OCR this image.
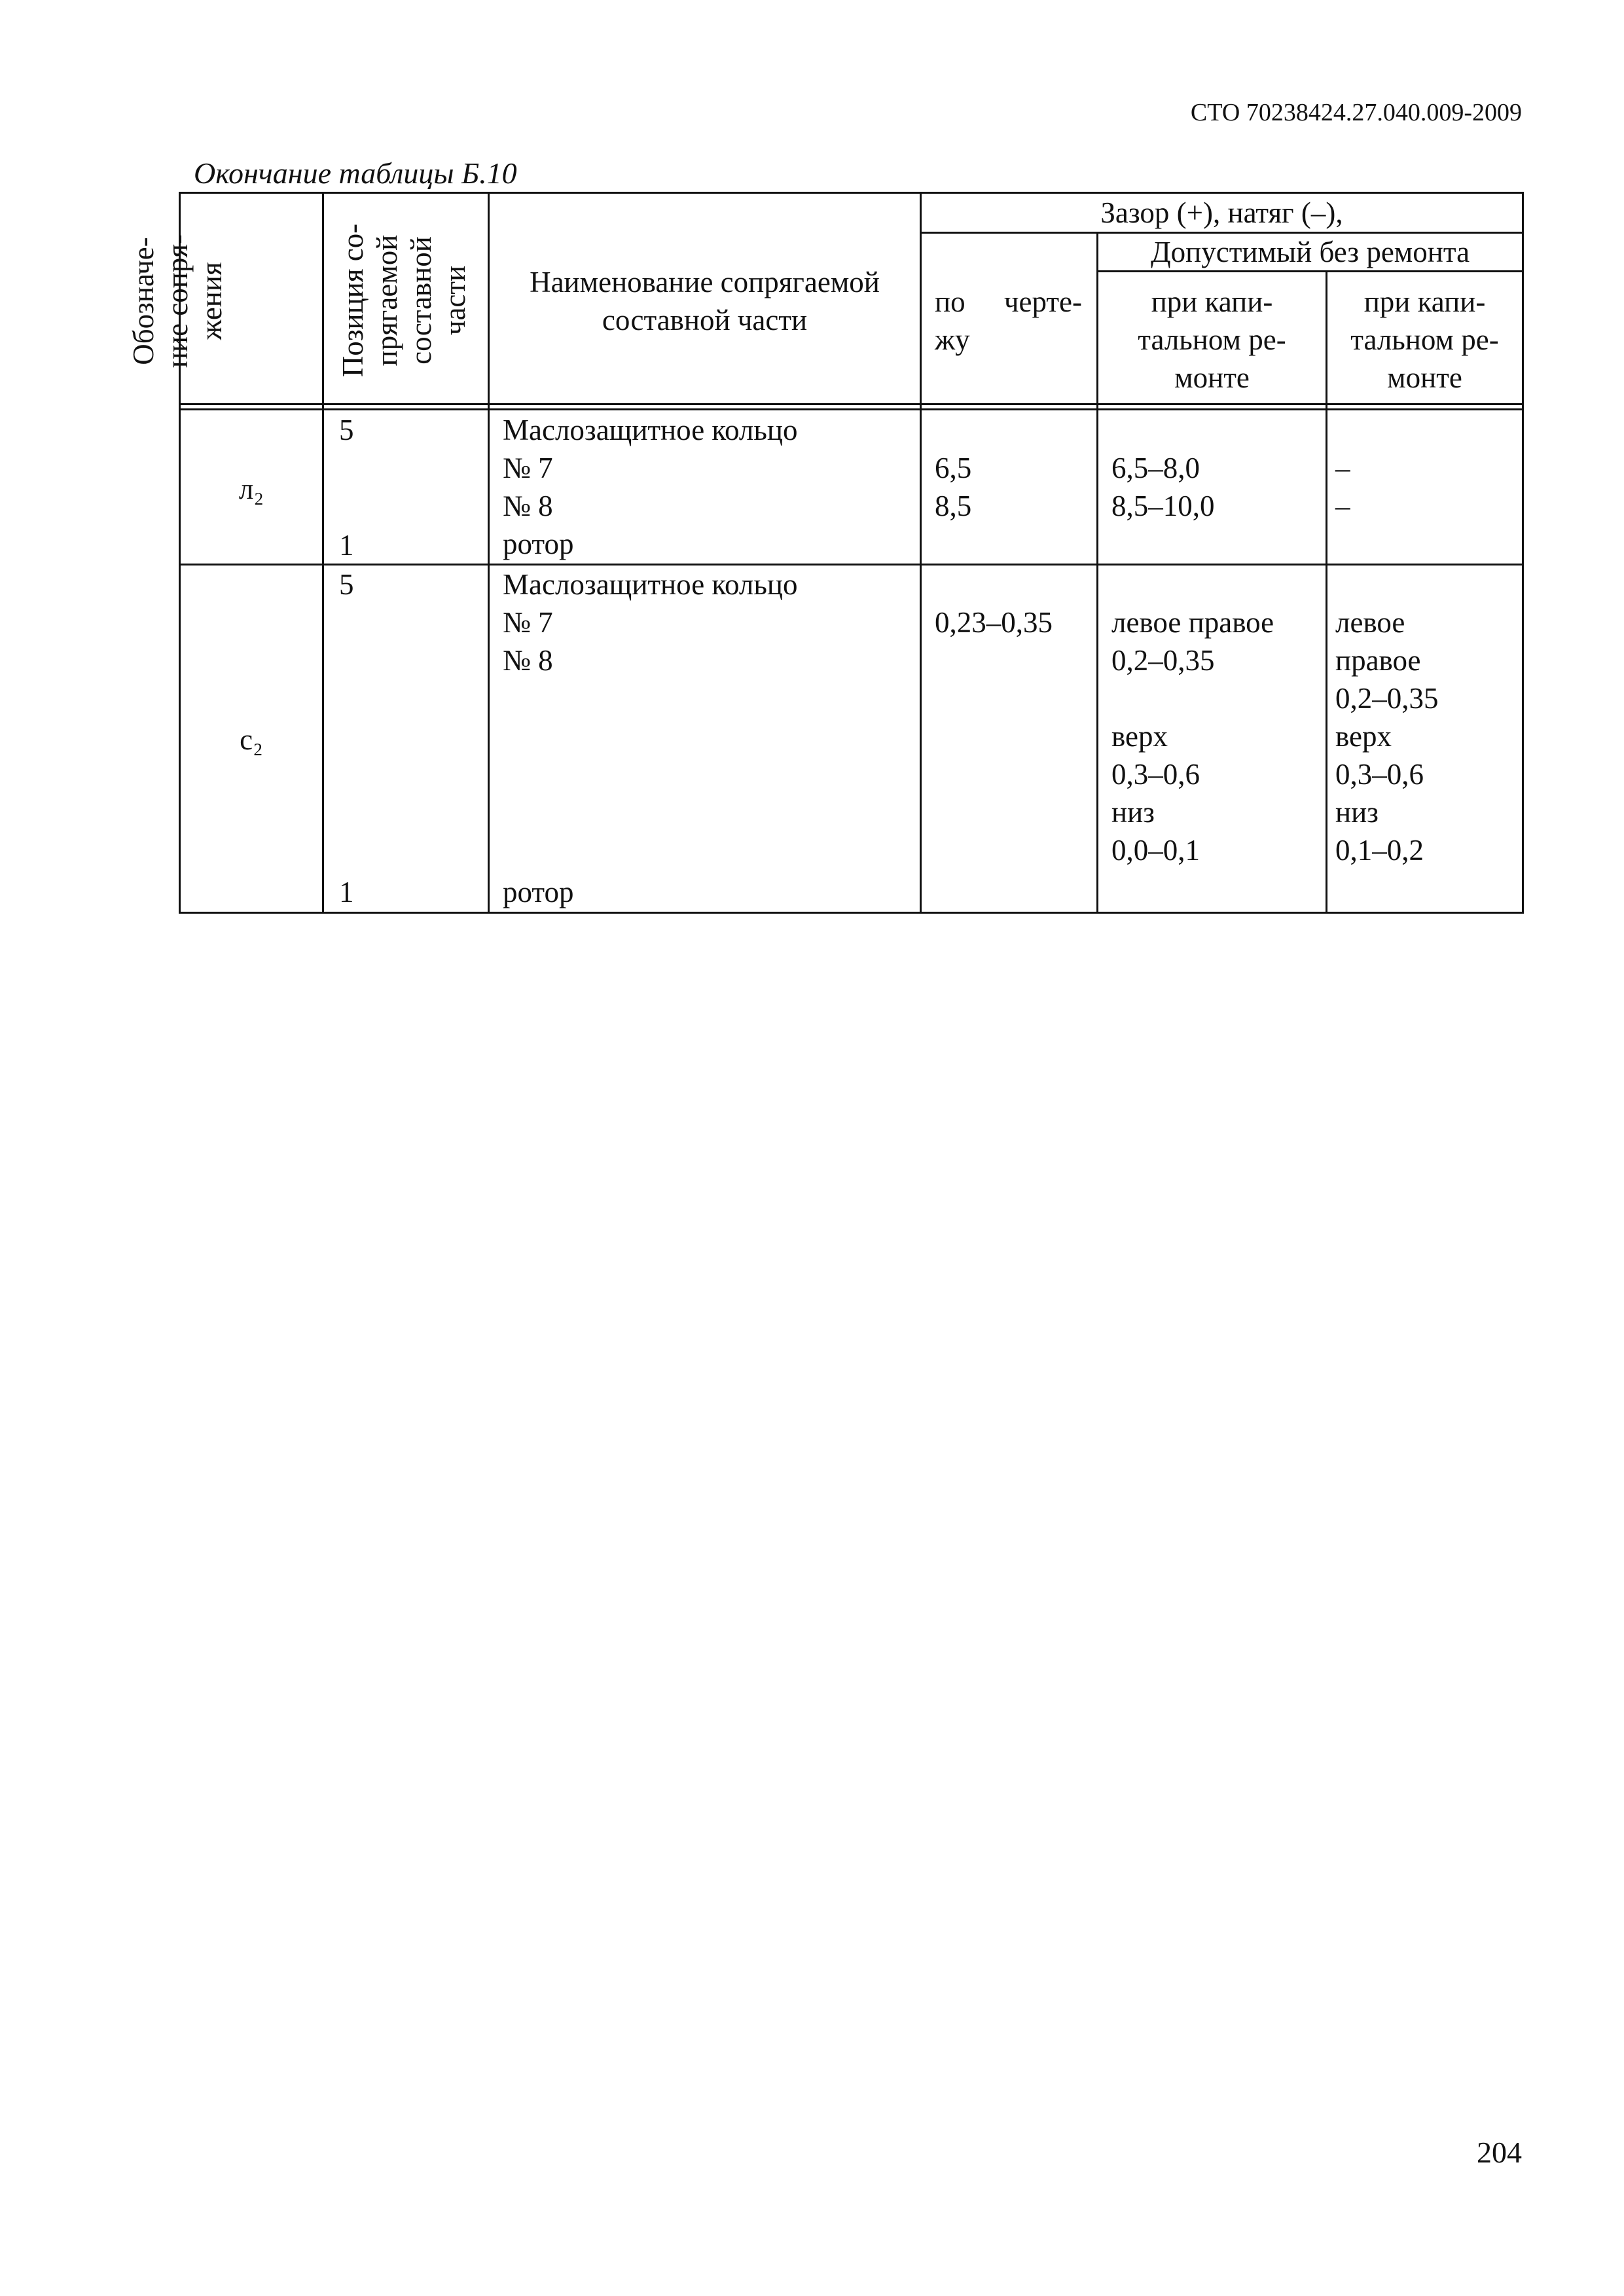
СТО 70238424.27.040.009-2009
Окончание таблицы Б.10
Обозначе- ние сопря- жения	Позиция со- прягаемой составной части	Наименование сопрягаемой
составной части
Зазор (+), натяг (–),
Допустимый без ремонта
по черте-
жу
при капи-
тальном ре-
монте
при капи-
тальном ре-
монте
л₂
5
1
Маслозащитное кольцо
№ 7
№ 8
ротор
6,5
8,5
6,5–8,0
8,5–10,0
–
–
с₂
5
1
Маслозащитное кольцо
№ 7
№ 8
ротор
0,23–0,35 левое правое
0,2–0,35
верх
0,3–0,6
низ
0,0–0,1
левое
правое
0,2–0,35
верх
0,3–0,6
низ
0,1–0,2
204
